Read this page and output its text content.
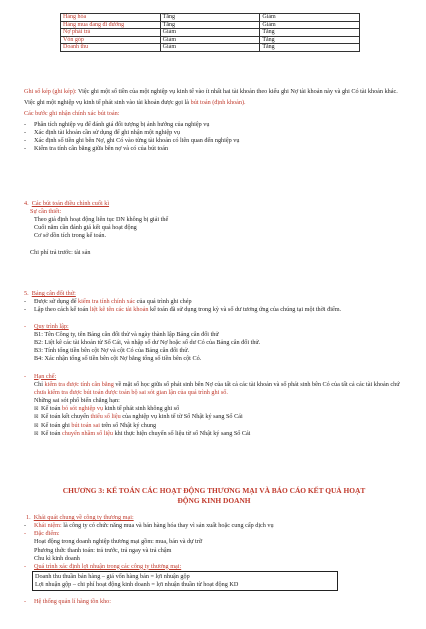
Hàng hóa	Tăng	Giảm
Hàng mua đang đi đường	Tăng	Giảm
Nợ phải trả	Giảm	Tăng
Vốn góp	Giảm	Tăng
Doanh thu	Giảm	Tăng
Ghi sổ kép (ghi kép): Việc ghi một số tiền của một nghiệp vụ kinh tế vào ít nhất hai tài khoản theo kiểu ghi Nợ tài khoản này và ghi Có tài khoản khác.
Việc ghi một nghiệp vụ kinh tế phát sinh vào tài khoản được gọi là bút toán (định khoản).
Các bước ghi nhận chính xác bút toán:
- Phân tích nghiệp vụ để đánh giá đối tượng bị ảnh hưởng của nghiệp vụ
- Xác định tài khoản cần sử dụng để ghi nhận một nghiệp vụ
- Xác định số tiền ghi bên Nợ, ghi Có vào từng tài khoản có liên quan đến nghiệp vụ
- Kiểm tra tính cân bằng giữa bên nợ và có của bút toán
4. Các bút toán điều chỉnh cuối kì
Sự cần thiết:
Theo giả định hoạt động liên tục DN không bị giải thể
Cuối năm cần đánh giá kết quả hoạt động
Cơ sở dồn tích trong kế toán.
Chi phí trả trước: tài sản
5. Bảng cân đối thử:
- Được sử dụng để kiểm tra tính chính xác của quá trình ghi chép
- Lập theo cách kế toán liệt kê tên các tài khoản kế toán đã sử dụng trong kỳ và số dư tương ứng của chúng tại một thời điểm.
- Quy trình lập:
B1: Tên Công ty, tên Bảng cân đối thử và ngày thành lập Bảng cân đối thử
B2: Liệt kê các tài khoản từ Sổ Cái, và nhập số dư Nợ hoặc số dư Có của Bảng cân đối thử.
B3: Tính tổng tiền bên cột Nợ và cột Có của Bảng cân đối thử.
B4: Xác nhận tổng số tiền bên cột Nợ bằng tổng số tiền bên cột Có.
- Hạn chế:
Chỉ kiểm tra được tính cân bằng về mặt số học giữa số phát sinh bên Nợ của tất cả các tài khoản và số phát sinh bên Có của tất cả các tài khoản chứ chưa kiểm tra được bút toán được toán bộ sai sót gian lận của quá trình ghi số.
Những sai sót phổ biến chẳng hạn:
☒ Kế toán bỏ sót nghiệp vụ kinh tế phát sinh không ghi sổ
☒ Kế toán kết chuyển thiếu số liệu của nghiệp vụ kinh tế từ Sổ Nhật ký sang Sổ Cái
☒ Kế toán ghi bút toán sai trên sổ Nhật ký chung
☒ Kế toán chuyển nhầm số liệu khi thực hiện chuyển số liệu từ sổ Nhật ký sang Sổ Cái
CHƯƠNG 3: KẾ TOÁN CÁC HOẠT ĐỘNG THƯƠNG MẠI VÀ BÁO CÁO KẾT QUẢ HOẠT
ĐỘNG KINH DOANH
1. Khái quát chung về công ty thương mại:
- Khái niệm: là công ty có chức năng mua và bán hàng hóa thay vì sản xuất hoặc cung cấp dịch vụ
- Đặc điểm:
Hoạt động trong doanh nghiệp thương mại gồm: mua, bán và dự trữ
Phương thức thanh toán: trả trước, trả ngay và trả chậm
Chu kì kinh doanh
- Quá trình xác định lợi nhuận trong các công ty thương mại:
Doanh thu thuần bán hàng – giá vốn hàng bán = lợi nhuận gộp
Lợi nhuận gộp – chi phí hoạt động kinh doanh = lợi nhuận thuần từ hoạt động KD
- Hệ thống quản lí hàng tồn kho:
